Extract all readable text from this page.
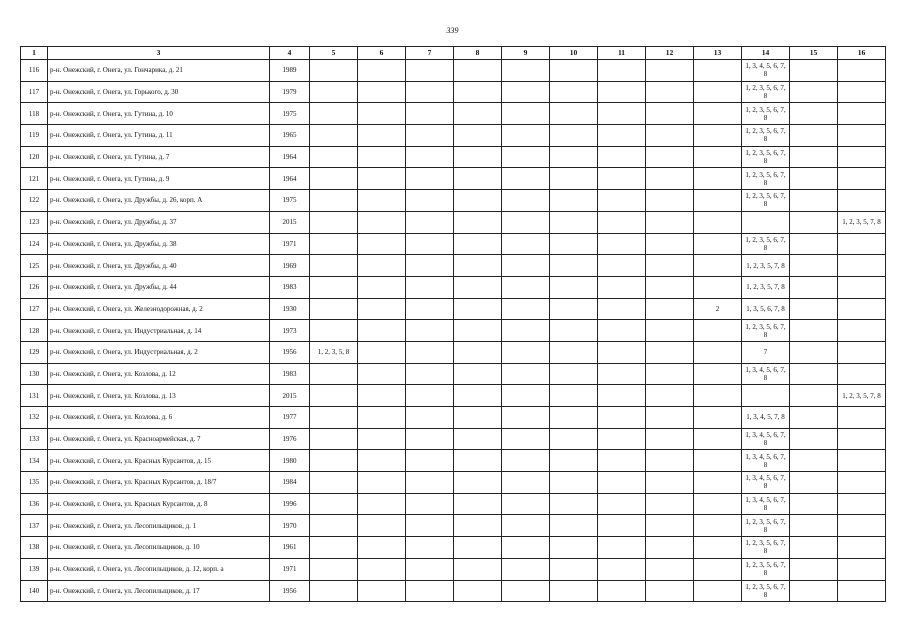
339
1	3	4	5	6	7	8	9	10	11	12	13	14	15	16
116	р-н. Онежский, г. Онега, ул. Гончарика, д. 21	1989										1, 3, 4, 5, 6, 7, 8		
117	р-н. Онежский, г. Онега, ул. Горького, д. 30	1979										1, 2, 3, 5, 6, 7, 8		
118	р-н. Онежский, г. Онега, ул. Гутина, д. 10	1975										1, 2, 3, 5, 6, 7, 8		
119	р-н. Онежский, г. Онега, ул. Гутина, д. 11	1965										1, 2, 3, 5, 6, 7, 8		
120	р-н. Онежский, г. Онега, ул. Гутина, д. 7	1964										1, 2, 3, 5, 6, 7, 8		
121	р-н. Онежский, г. Онега, ул. Гутина, д. 9	1964										1, 2, 3, 5, 6, 7, 8		
122	р-н. Онежский, г. Онега, ул. Дружбы, д. 26, корп. А	1975										1, 2, 3, 5, 6, 7, 8		
123	р-н. Онежский, г. Онега, ул. Дружбы, д. 37	2015												1, 2, 3, 5, 7, 8
124	р-н. Онежский, г. Онега, ул. Дружбы, д. 38	1971										1, 2, 3, 5, 6, 7, 8		
125	р-н. Онежский, г. Онега, ул. Дружбы, д. 40	1969										1, 2, 3, 5, 7, 8		
126	р-н. Онежский, г. Онега, ул. Дружбы, д. 44	1983										1, 2, 3, 5, 7, 8		
127	р-н. Онежский, г. Онега, ул. Железнодорожная, д. 2	1930									2	1, 3, 5, 6, 7, 8		
128	р-н. Онежский, г. Онега, ул. Индустриальная, д. 14	1973										1, 2, 3, 5, 6, 7, 8		
129	р-н. Онежский, г. Онега, ул. Индустриальная, д. 2	1956	1, 2, 3, 5, 8									7		
130	р-н. Онежский, г. Онега, ул. Козлова, д. 12	1983										1, 3, 4, 5, 6, 7, 8		
131	р-н. Онежский, г. Онега, ул. Козлова, д. 13	2015												1, 2, 3, 5, 7, 8
132	р-н. Онежский, г. Онега, ул. Козлова, д. 6	1977										1, 3, 4, 5, 7, 8		
133	р-н. Онежский, г. Онега, ул. Красноармейская, д. 7	1976										1, 3, 4, 5, 6, 7, 8		
134	р-н. Онежский, г. Онега, ул. Красных Курсантов, д. 15	1980										1, 3, 4, 5, 6, 7, 8		
135	р-н. Онежский, г. Онега, ул. Красных Курсантов, д. 18/7	1984										1, 3, 4, 5, 6, 7, 8		
136	р-н. Онежский, г. Онега, ул. Красных Курсантов, д. 8	1996										1, 3, 4, 5, 6, 7, 8		
137	р-н. Онежский, г. Онега, ул. Лесопильщиков, д. 1	1970										1, 2, 3, 5, 6, 7, 8		
138	р-н. Онежский, г. Онега, ул. Лесопильщиков, д. 10	1961										1, 2, 3, 5, 6, 7, 8		
139	р-н. Онежский, г. Онега, ул. Лесопильщиков, д. 12, корп. а	1971										1, 2, 3, 5, 6, 7, 8		
140	р-н. Онежский, г. Онега, ул. Лесопильщиков, д. 17	1956										1, 2, 3, 5, 6, 7, 8		
